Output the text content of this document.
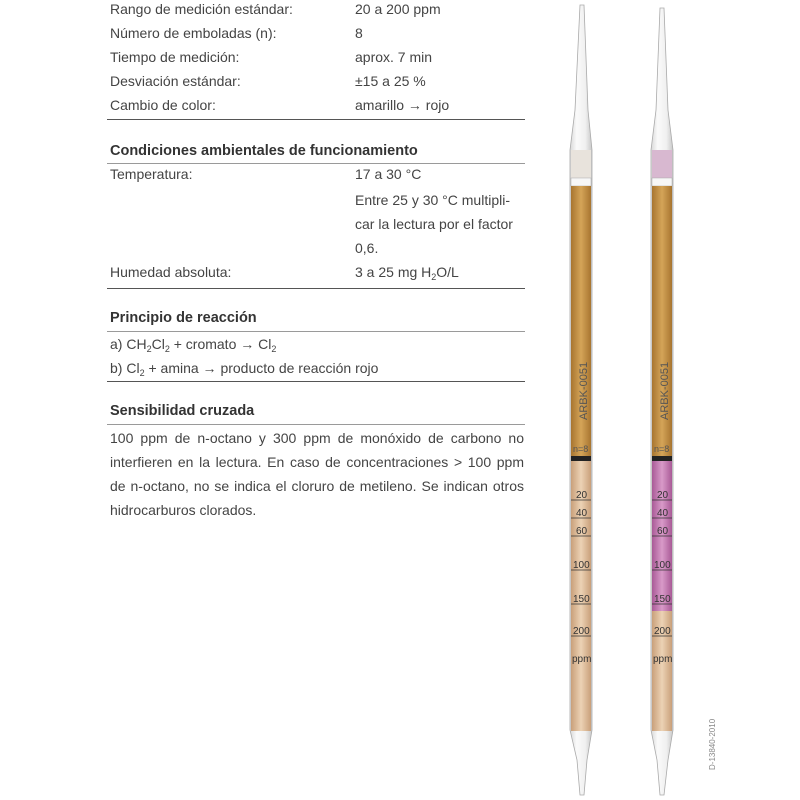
Rango de medición estándar:	20 a 200 ppm
Número de emboladas (n):	8
Tiempo de medición:	aprox. 7 min
Desviación estándar:	±15 a 25 %
Cambio de color:	amarillo → rojo
Condiciones ambientales de funcionamiento
Temperatura:	17 a 30 °C
Entre 25 y 30 °C multipli-
car la lectura por el factor
0,6.
Humedad absoluta:	3 a 25 mg $H_2O/L$
Principio de reacción
a) $CH_2Cl_2$ + cromato → $Cl_2$
b) $Cl_2 + amina$ → producto de reacción rojo
Sensibilidad cruzada
100 ppm de n-octano y 300 ppm de monóxido de carbono no
interfieren en la lectura. En caso de concentraciones > 100 ppm
de n-octano, no se indica el cloruro de metileno. Se indican otros
hidrocarburos clorados.
ARBK-0051	ARBK-0051
n=8	n=8
20
40
60
100
150
200
ppm
20
40
60
100
150
200
ppm
D-13840-2010
